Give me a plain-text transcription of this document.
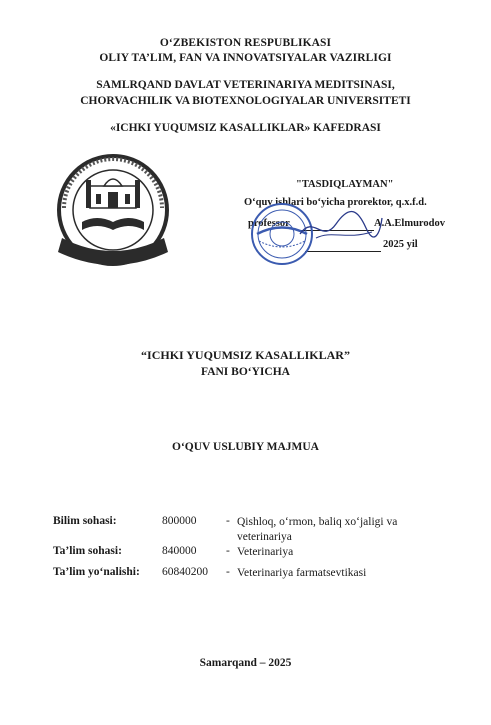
O‘ZBEKISTON RESPUBLIKASI
OLIY TA’LIM, FAN VA INNOVATSIYALAR VAZIRLIGI
SAMLRQAND DAVLAT VETERINARIYA MEDITSINASI,
CHORVACHILIK VA BIOTEXNOLOGIYALAR UNIVERSITETI
«ICHKI YUQUMSIZ KASALLIKLAR» KAFEDRASI
"TASDIQLAYMAN"
O‘quv ishlari bo‘yicha prorektor, q.x.f.d.
professor	A.A.Elmurodov
2025 yil
“ICHKI YUQUMSIZ KASALLIKLAR”
FANI BO‘YICHA
O‘QUV USLUBIY MAJMUA
Bilim sohasi:	800000	- Qishloq, o‘rmon, baliq xo‘jaligi va
veterinariya
Ta’lim sohasi:	840000	- Veterinariya
Ta’lim yo‘nalishi: 60840200 - Veterinariya farmatsevtikasi
Samarqand – 2025
